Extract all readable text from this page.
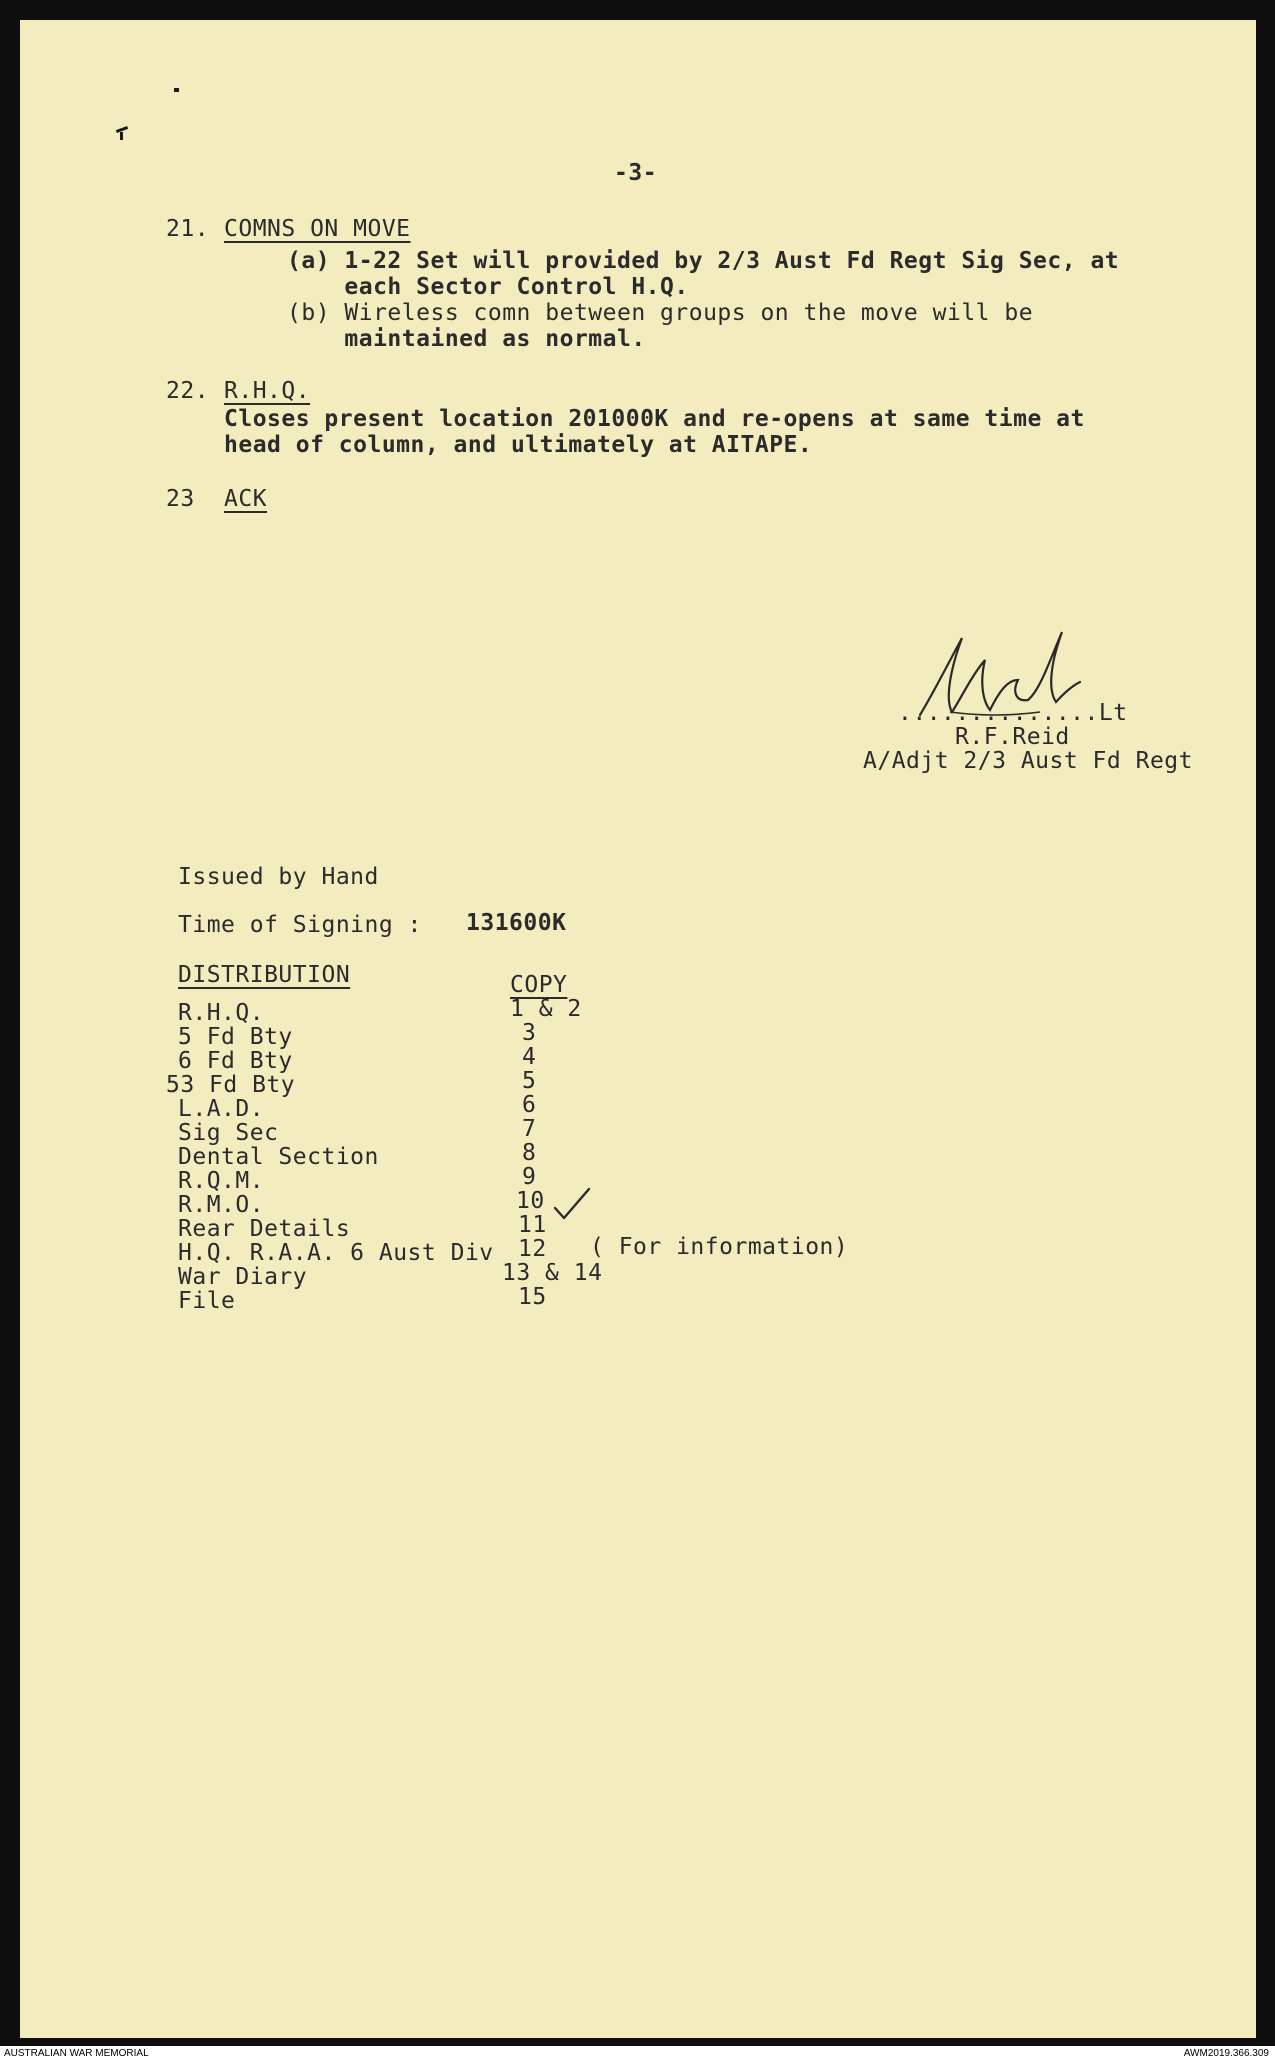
-3-
21. COMNS ON MOVE
(a) 1-22 Set will provided by 2/3 Aust Fd Regt Sig Sec, at
each Sector Control H.Q.
(b) Wireless comn between groups on the move will be
maintained as normal.
22. R.H.Q.
Closes present location 201000K and re-opens at same time at
head of column, and ultimately at AITAPE.
23 ACK
..............Lt
R.F.Reid
A/Adjt 2/3 Aust Fd Regt
Issued by Hand
Time of Signing : 131600K
DISTRIBUTION	COPY
R.H.Q.	1 & 2
5 Fd Bty	3
6 Fd Bty	4
53 Fd Bty	5
L.A.D.	6
Sig Sec	7
Dental Section	8
R.Q.M.	9
R.M.O.	10
Rear Details	11
H.Q. R.A.A. 6 Aust Div 12 ( For information)
War Diary	13 & 14
File	15
AUSTRALIAN WAR MEMORIAL	AWM2019.366.309
